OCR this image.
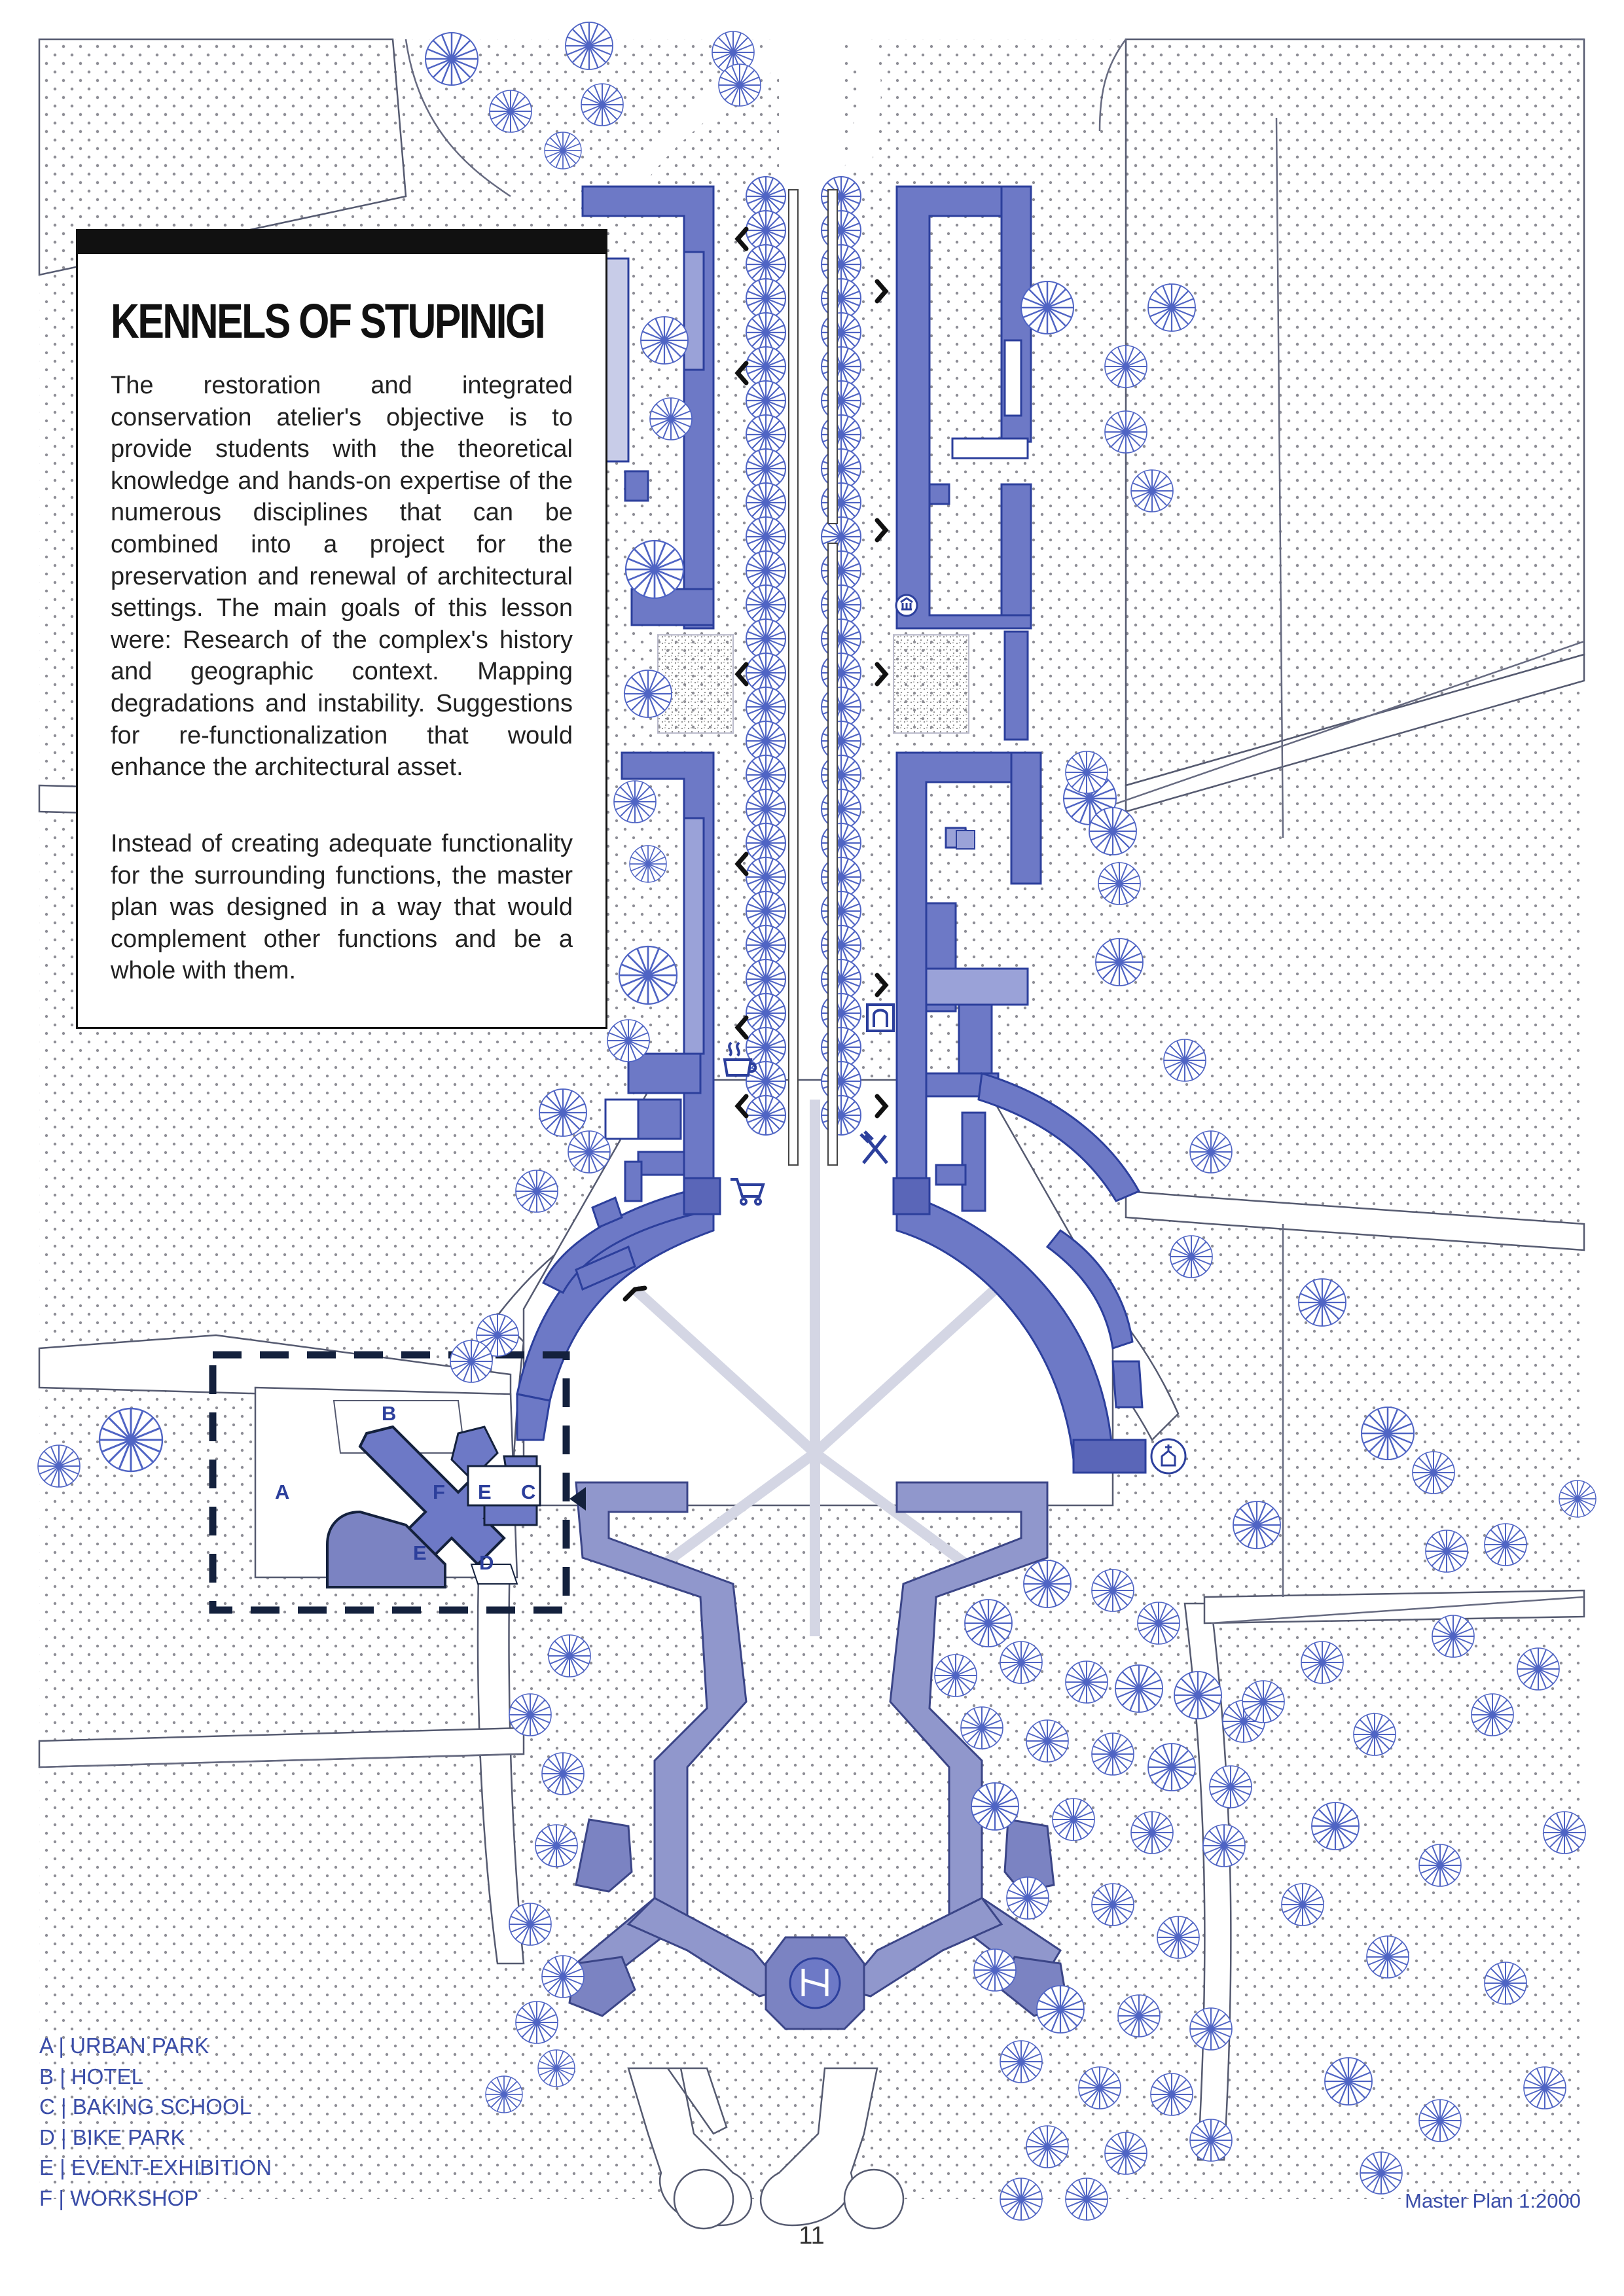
KENNELS OF STUPINIGI

The restoration and integrated conservation atelier's objective is to provide students with the theoretical knowledge and hands-on expertise of the numerous disciplines that can be combined into a project for the preservation and renewal of architectural settings. The main goals of this lesson were: Research of the complex's history and geographic context. Mapping degradations and instability. Suggestions for re-functionalization that would enhance the architectural asset.

Instead of creating adequate functionality for the surrounding functions, the master plan was designed in a way that would complement other functions and be a whole with them.

B
A	F E C
E	D
A | URBAN PARK
B | HOTEL
C | BAKING SCHOOL
D | BIKE PARK
E | EVENT-EXHIBITION
F | WORKSHOP	Master Plan 1:2000
11
